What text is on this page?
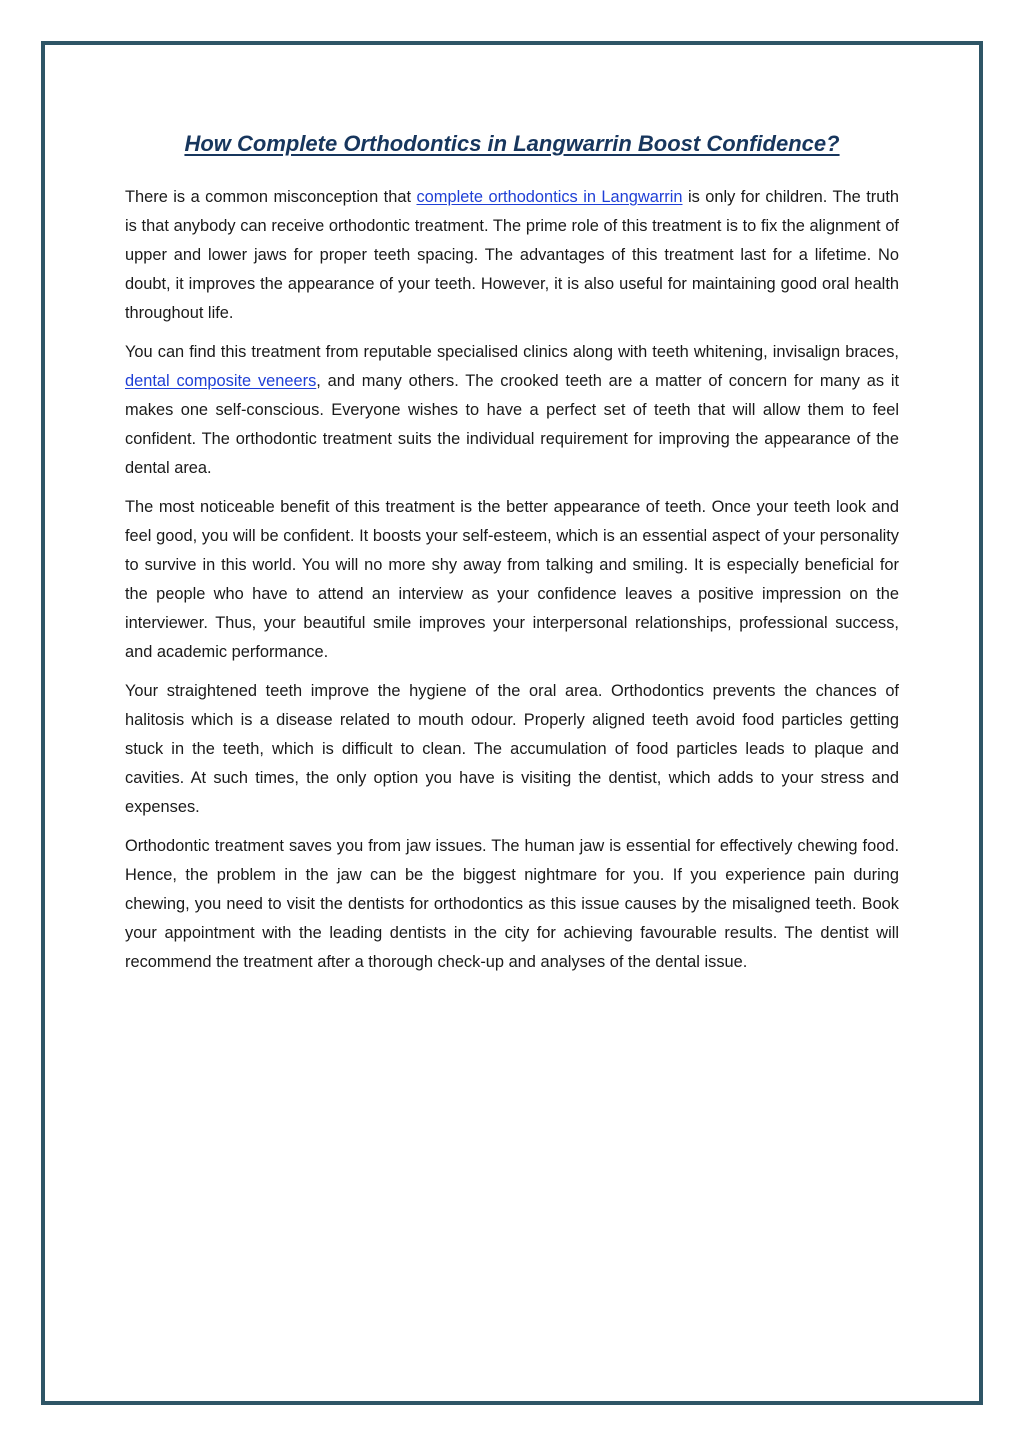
How Complete Orthodontics in Langwarrin Boost Confidence?

There is a common misconception that complete orthodontics in Langwarrin is only for children. The truth is that anybody can receive orthodontic treatment. The prime role of this treatment is to fix the alignment of upper and lower jaws for proper teeth spacing. The advantages of this treatment last for a lifetime. No doubt, it improves the appearance of your teeth. However, it is also useful for maintaining good oral health throughout life.

You can find this treatment from reputable specialised clinics along with teeth whitening, invisalign braces, dental composite veneers, and many others. The crooked teeth are a matter of concern for many as it makes one self-conscious. Everyone wishes to have a perfect set of teeth that will allow them to feel confident. The orthodontic treatment suits the individual requirement for improving the appearance of the dental area.

The most noticeable benefit of this treatment is the better appearance of teeth. Once your teeth look and feel good, you will be confident. It boosts your self-esteem, which is an essential aspect of your personality to survive in this world. You will no more shy away from talking and smiling. It is especially beneficial for the people who have to attend an interview as your confidence leaves a positive impression on the interviewer. Thus, your beautiful smile improves your interpersonal relationships, professional success, and academic performance.

Your straightened teeth improve the hygiene of the oral area. Orthodontics prevents the chances of halitosis which is a disease related to mouth odour. Properly aligned teeth avoid food particles getting stuck in the teeth, which is difficult to clean. The accumulation of food particles leads to plaque and cavities. At such times, the only option you have is visiting the dentist, which adds to your stress and expenses.

Orthodontic treatment saves you from jaw issues. The human jaw is essential for effectively chewing food. Hence, the problem in the jaw can be the biggest nightmare for you. If you experience pain during chewing, you need to visit the dentists for orthodontics as this issue causes by the misaligned teeth. Book your appointment with the leading dentists in the city for achieving favourable results. The dentist will recommend the treatment after a thorough check-up and analyses of the dental issue.
